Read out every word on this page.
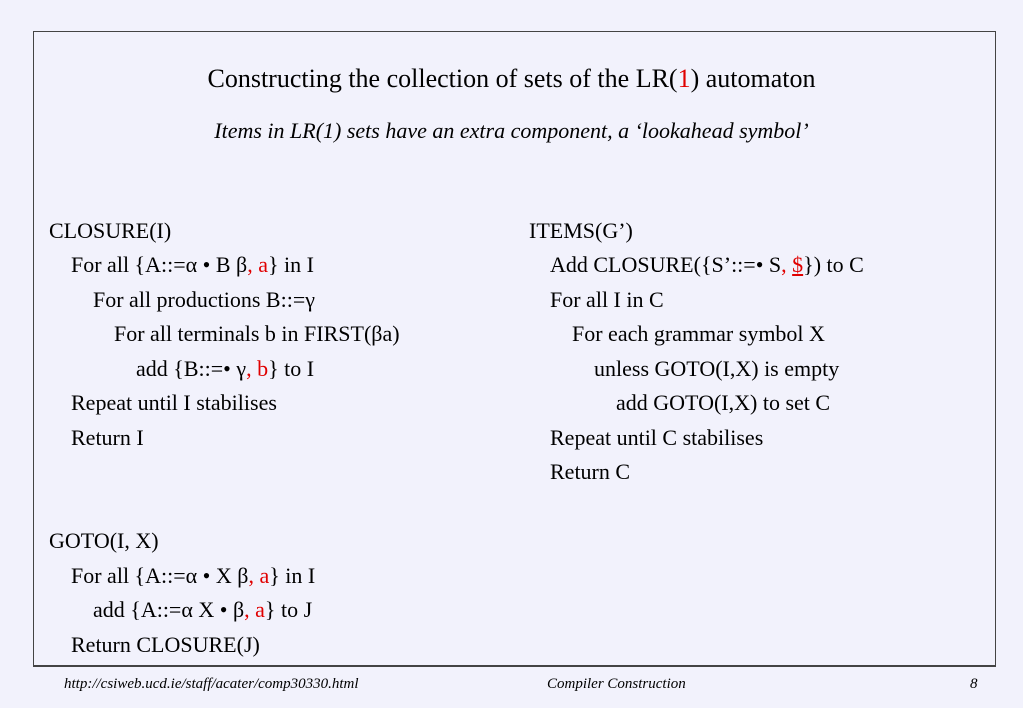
Constructing the collection of sets of the LR(1) automaton
Items in LR(1) sets have an extra component, a ‘lookahead symbol’
CLOSURE(I)
For all {A::=α • B β, a} in I
For all productions B::=γ
For all terminals b in FIRST(βa)
add {B::=• γ, b} to I
Repeat until I stabilises
Return I
GOTO(I, X)
For all {A::=α • X β, a} in I
add {A::=α X • β, a} to J
Return CLOSURE(J)
ITEMS(G’)
Add CLOSURE({S’::=• S, $}) to C
For all I in C
For each grammar symbol X
unless GOTO(I,X) is empty
add GOTO(I,X) to set C
Repeat until C stabilises
Return C
http://csiweb.ucd.ie/staff/acater/comp30330.html	Compiler Construction	8
